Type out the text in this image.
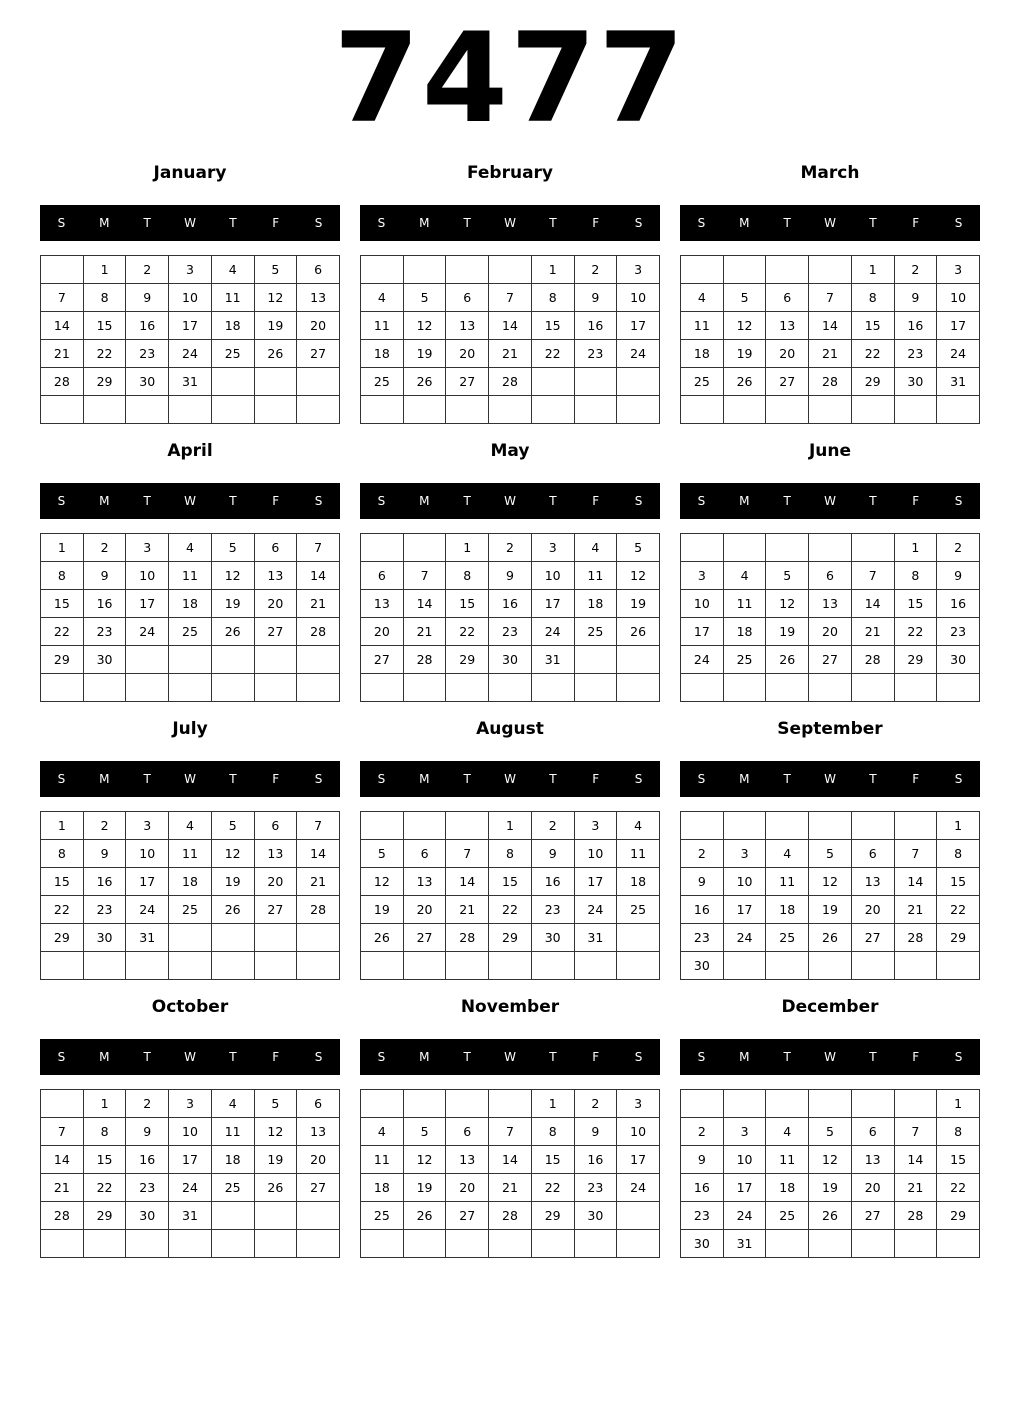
7477
January
S	M	T	W	T	F	S
	1	2	3	4	5	6
7	8	9	10	11	12	13
14	15	16	17	18	19	20
21	22	23	24	25	26	27
28	29	30	31			

February
S	M	T	W	T	F	S
				1	2	3
4	5	6	7	8	9	10
11	12	13	14	15	16	17
18	19	20	21	22	23	24
25	26	27	28			

March
S	M	T	W	T	F	S
				1	2	3
4	5	6	7	8	9	10
11	12	13	14	15	16	17
18	19	20	21	22	23	24
25	26	27	28	29	30	31

April
S	M	T	W	T	F	S
1	2	3	4	5	6	7
8	9	10	11	12	13	14
15	16	17	18	19	20	21
22	23	24	25	26	27	28
29	30					

May
S	M	T	W	T	F	S
		1	2	3	4	5
6	7	8	9	10	11	12
13	14	15	16	17	18	19
20	21	22	23	24	25	26
27	28	29	30	31		

June
S	M	T	W	T	F	S
					1	2
3	4	5	6	7	8	9
10	11	12	13	14	15	16
17	18	19	20	21	22	23
24	25	26	27	28	29	30

July
S	M	T	W	T	F	S
1	2	3	4	5	6	7
8	9	10	11	12	13	14
15	16	17	18	19	20	21
22	23	24	25	26	27	28
29	30	31				

August
S	M	T	W	T	F	S
			1	2	3	4
5	6	7	8	9	10	11
12	13	14	15	16	17	18
19	20	21	22	23	24	25
26	27	28	29	30	31	

September
S	M	T	W	T	F	S
						1
2	3	4	5	6	7	8
9	10	11	12	13	14	15
16	17	18	19	20	21	22
23	24	25	26	27	28	29
30						
October
S	M	T	W	T	F	S
	1	2	3	4	5	6
7	8	9	10	11	12	13
14	15	16	17	18	19	20
21	22	23	24	25	26	27
28	29	30	31			

November
S	M	T	W	T	F	S
				1	2	3
4	5	6	7	8	9	10
11	12	13	14	15	16	17
18	19	20	21	22	23	24
25	26	27	28	29	30	

December
S	M	T	W	T	F	S
						1
2	3	4	5	6	7	8
9	10	11	12	13	14	15
16	17	18	19	20	21	22
23	24	25	26	27	28	29
30	31					
